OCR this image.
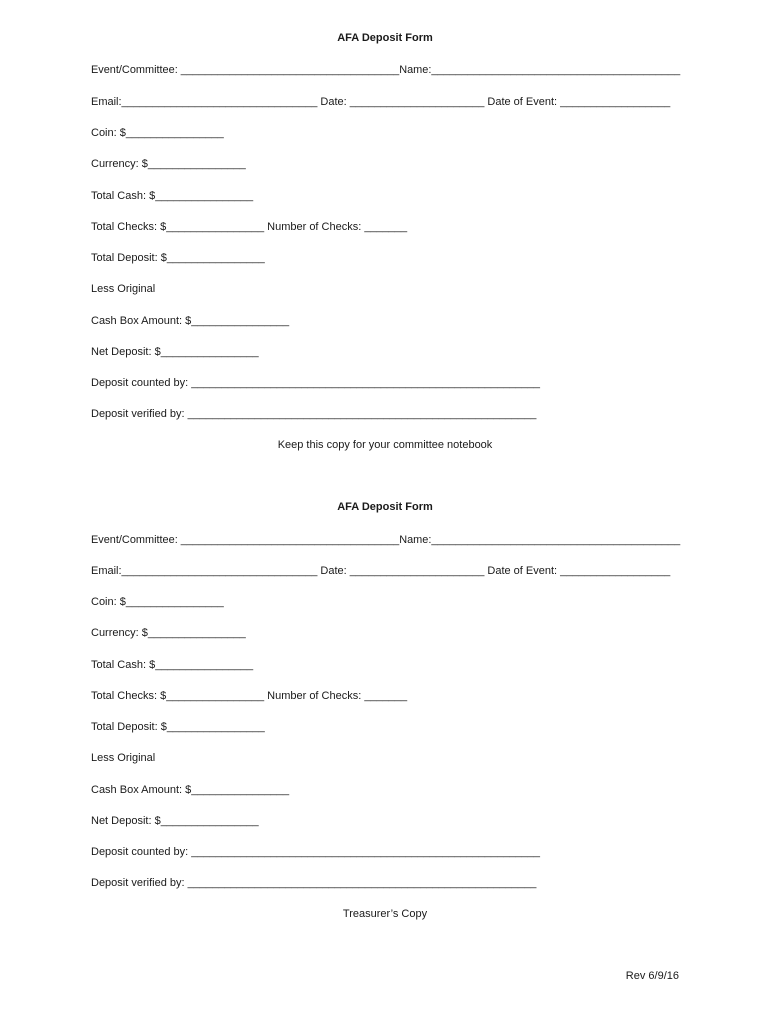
AFA Deposit Form
Event/Committee: ____________________________________Name:_________________________________________
Email:________________________________ Date: ______________________ Date of Event: __________________
Coin: $________________
Currency: $________________
Total Cash: $________________
Total Checks: $________________ Number of Checks: _______
Total Deposit: $________________
Less Original
Cash Box Amount: $________________
Net Deposit: $________________
Deposit counted by: _________________________________________________________
Deposit verified by: _________________________________________________________
Keep this copy for your committee notebook
AFA Deposit Form
Event/Committee: ____________________________________Name:_________________________________________
Email:________________________________ Date: ______________________ Date of Event: __________________
Coin: $________________
Currency: $________________
Total Cash: $________________
Total Checks: $________________ Number of Checks: _______
Total Deposit: $________________
Less Original
Cash Box Amount: $________________
Net Deposit: $________________
Deposit counted by: _________________________________________________________
Deposit verified by: _________________________________________________________
Treasurer’s Copy
Rev 6/9/16
